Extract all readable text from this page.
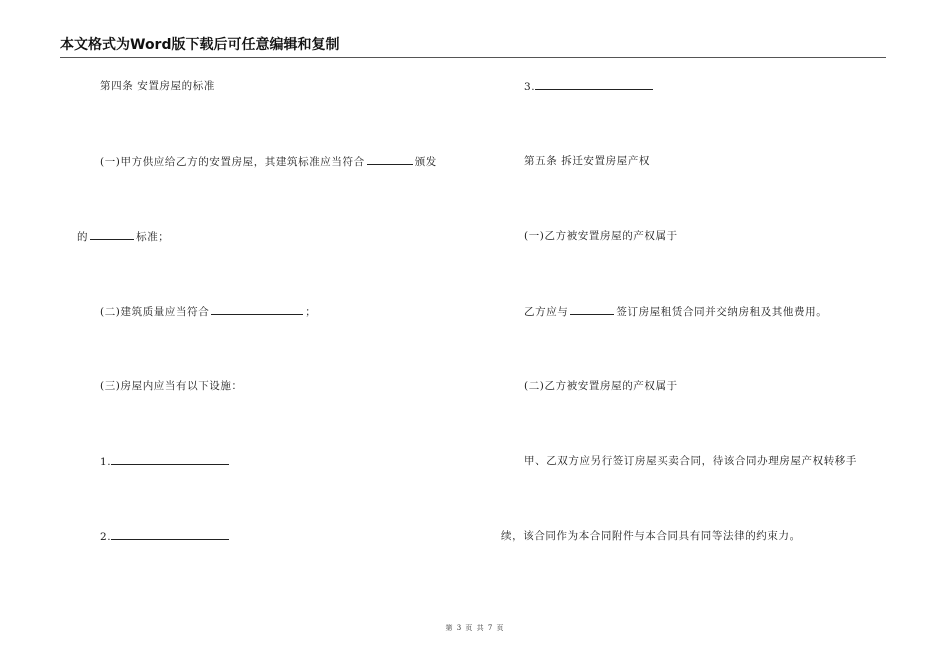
本文格式为Word版下载后可任意编辑和复制
第四条 安置房屋的标准
(一)甲方供应给乙方的安置房屋，其建筑标准应当符合	颁发
的	标准；
(二)建筑质量应当符合	；
(三)房屋内应当有以下设施：
1.
2.
3.
第五条 拆迁安置房屋产权
(一)乙方被安置房屋的产权属于
乙方应与	签订房屋租赁合同并交纳房租及其他费用。
(二)乙方被安置房屋的产权属于
甲、乙双方应另行签订房屋买卖合同，待该合同办理房屋产权转移手
续，该合同作为本合同附件与本合同具有同等法律的约束力。
第 3 页 共 7 页
